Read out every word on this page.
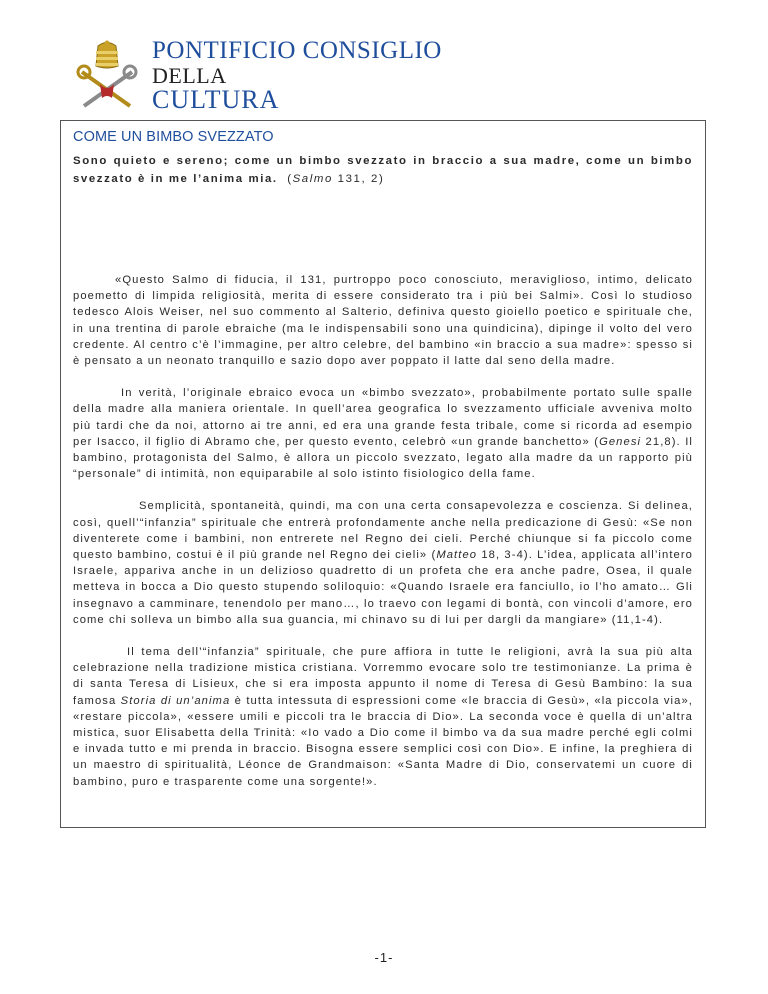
PONTIFICIO CONSIGLIO
DELLA
CULTURA
COME UN BIMBO SVEZZATO
Sono quieto e sereno; come un bimbo svezzato in braccio a sua madre, come un bimbo svezzato è in me l’anima mia. (Salmo 131, 2)

«Questo Salmo di fiducia, il 131, purtroppo poco conosciuto, meraviglioso, intimo, delicato poemetto di limpida religiosità, merita di essere considerato tra i più bei Salmi». Così lo studioso tedesco Alois Weiser, nel suo commento al Salterio, definiva questo gioiello poetico e spirituale che, in una trentina di parole ebraiche (ma le indispensabili sono una quindicina), dipinge il volto del vero credente. Al centro c’è l’immagine, per altro celebre, del bambino «in braccio a sua madre»: spesso si è pensato a un neonato tranquillo e sazio dopo aver poppato il latte dal seno della madre.

In verità, l’originale ebraico evoca un «bimbo svezzato», probabilmente portato sulle spalle della madre alla maniera orientale. In quell’area geografica lo svezzamento ufficiale avveniva molto più tardi che da noi, attorno ai tre anni, ed era una grande festa tribale, come si ricorda ad esempio per Isacco, il figlio di Abramo che, per questo evento, celebrò «un grande banchetto» (Genesi 21,8). Il bambino, protagonista del Salmo, è allora un piccolo svezzato, legato alla madre da un rapporto più “personale” di intimità, non equiparabile al solo istinto fisiologico della fame.

Semplicità, spontaneità, quindi, ma con una certa consapevolezza e coscienza. Si delinea, così, quell’“infanzia” spirituale che entrerà profondamente anche nella predicazione di Gesù: «Se non diventerete come i bambini, non entrerete nel Regno dei cieli. Perché chiunque si fa piccolo come questo bambino, costui è il più grande nel Regno dei cieli» (Matteo 18, 3-4). L’idea, applicata all’intero Israele, appariva anche in un delizioso quadretto di un profeta che era anche padre, Osea, il quale metteva in bocca a Dio questo stupendo soliloquio: «Quando Israele era fanciullo, io l’ho amato… Gli insegnavo a camminare, tenendolo per mano…, lo traevo con legami di bontà, con vincoli d’amore, ero come chi solleva un bimbo alla sua guancia, mi chinavo su di lui per dargli da mangiare» (11,1-4).

Il tema dell’“infanzia” spirituale, che pure affiora in tutte le religioni, avrà la sua più alta celebrazione nella tradizione mistica cristiana. Vorremmo evocare solo tre testimonianze. La prima è di santa Teresa di Lisieux, che si era imposta appunto il nome di Teresa di Gesù Bambino: la sua famosa Storia di un’anima è tutta intessuta di espressioni come «le braccia di Gesù», «la piccola via», «restare piccola», «essere umili e piccoli tra le braccia di Dio». La seconda voce è quella di un’altra mistica, suor Elisabetta della Trinità: «Io vado a Dio come il bimbo va da sua madre perché egli colmi e invada tutto e mi prenda in braccio. Bisogna essere semplici così con Dio». E infine, la preghiera di un maestro di spiritualità, Léonce de Grandmaison: «Santa Madre di Dio, conservatemi un cuore di bambino, puro e trasparente come una sorgente!».

-1-
